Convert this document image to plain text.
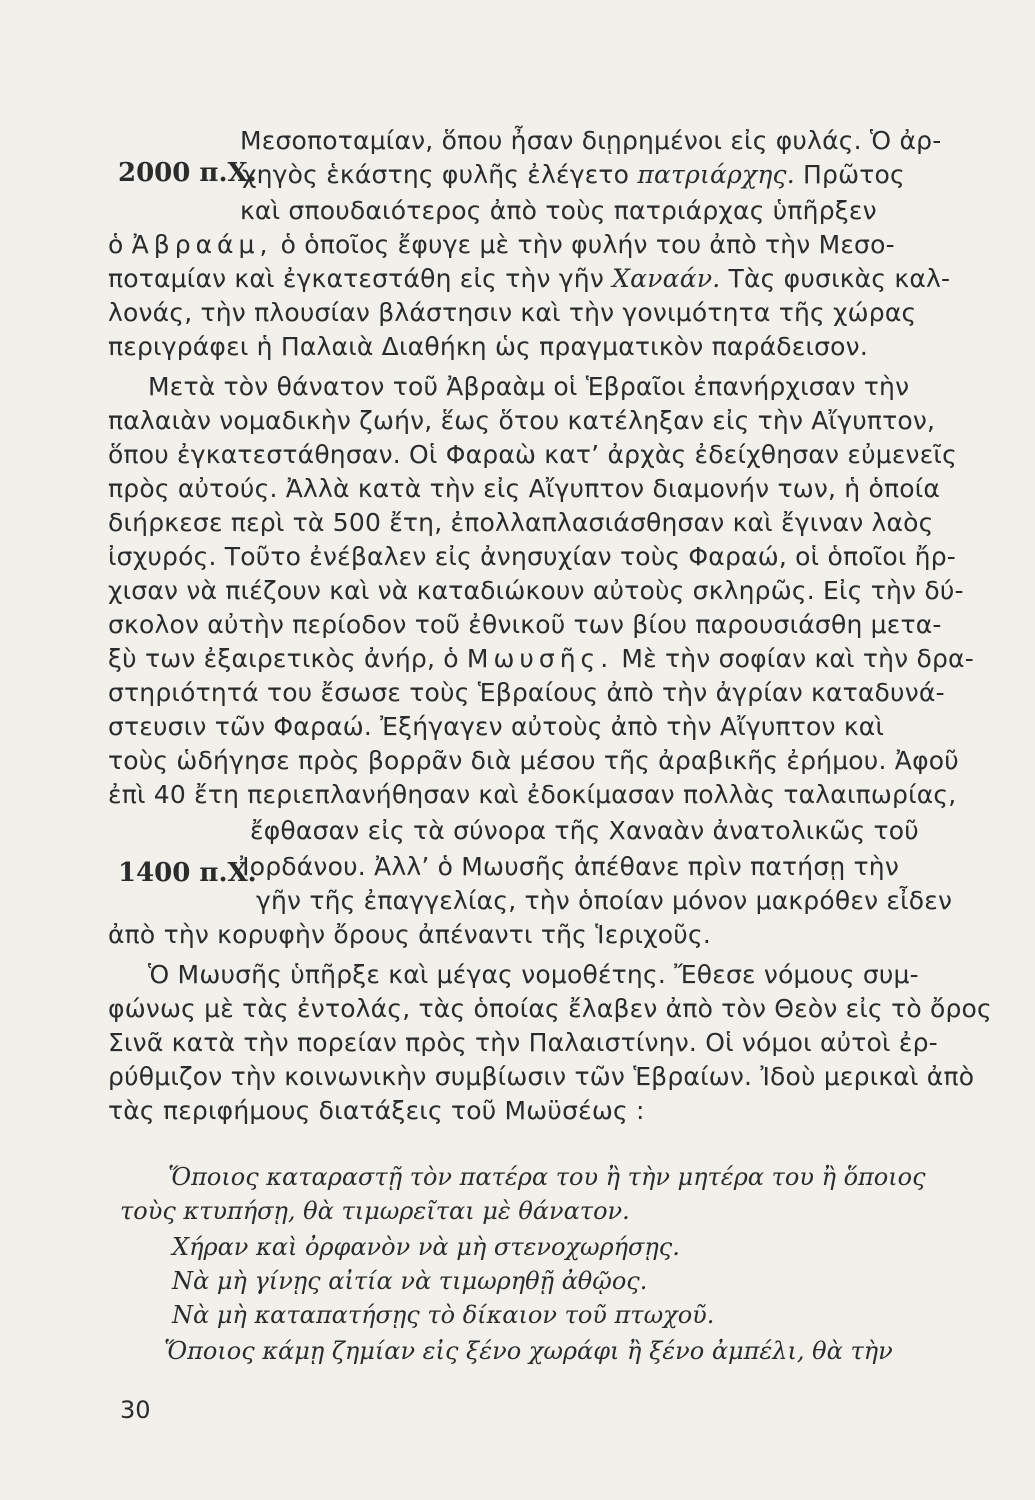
2000 π.Χ.
1400 π.Χ.
Μεσοποταμίαν, ὅπου ἦσαν διῃρημένοι εἰς φυλάς. Ὁ ἀρ-
χηγὸς ἑκάστης φυλῆς ἐλέγετο πατριάρχης. Πρῶτος
καὶ σπουδαιότερος ἀπὸ τοὺς πατριάρχας ὑπῆρξεν
ὁ Ἀβραάμ, ὁ ὁποῖος ἔφυγε μὲ τὴν φυλήν του ἀπὸ τὴν Μεσο-
ποταμίαν καὶ ἐγκατεστάθη εἰς τὴν γῆν Χαναάν. Τὰς φυσικὰς καλ-
λονάς, τὴν πλουσίαν βλάστησιν καὶ τὴν γονιμότητα τῆς χώρας
περιγράφει ἡ Παλαιὰ Διαθήκη ὡς πραγματικὸν παράδεισον.
Μετὰ τὸν θάνατον τοῦ Ἀβραὰμ οἱ Ἑβραῖοι ἐπανήρχισαν τὴν
παλαιὰν νομαδικὴν ζωήν, ἕως ὅτου κατέληξαν εἰς τὴν Αἴγυπτον,
ὅπου ἐγκατεστάθησαν. Οἱ Φαραὼ κατ’ ἀρχὰς ἐδείχθησαν εὐμενεῖς
πρὸς αὐτούς. Ἀλλὰ κατὰ τὴν εἰς Αἴγυπτον διαμονήν των, ἡ ὁποία
διήρκεσε περὶ τὰ 500 ἔτη, ἐπολλαπλασιάσθησαν καὶ ἔγιναν λαὸς
ἰσχυρός. Τοῦτο ἐνέβαλεν εἰς ἀνησυχίαν τοὺς Φαραώ, οἱ ὁποῖοι ἤρ-
χισαν νὰ πιέζουν καὶ νὰ καταδιώκουν αὐτοὺς σκληρῶς. Εἰς τὴν δύ-
σκολον αὐτὴν περίοδον τοῦ ἐθνικοῦ των βίου παρουσιάσθη μετα-
ξὺ των ἐξαιρετικὸς ἀνήρ, ὁ Μωυσῆς. Μὲ τὴν σοφίαν καὶ τὴν δρα-
στηριότητά του ἔσωσε τοὺς Ἑβραίους ἀπὸ τὴν ἀγρίαν καταδυνά-
στευσιν τῶν Φαραώ. Ἐξήγαγεν αὐτοὺς ἀπὸ τὴν Αἴγυπτον καὶ
τοὺς ὡδήγησε πρὸς βορρᾶν διὰ μέσου τῆς ἀραβικῆς ἐρήμου. Ἀφοῦ
ἐπὶ 40 ἔτη περιεπλανήθησαν καὶ ἐδοκίμασαν πολλὰς ταλαιπωρίας,
ἔφθασαν εἰς τὰ σύνορα τῆς Χαναὰν ἀνατολικῶς τοῦ
Ἰορδάνου. Ἀλλ’ ὁ Μωυσῆς ἀπέθανε πρὶν πατήσῃ τὴν
γῆν τῆς ἐπαγγελίας, τὴν ὁποίαν μόνον μακρόθεν εἶδεν
ἀπὸ τὴν κορυφὴν ὄρους ἀπέναντι τῆς Ἱεριχοῦς.
Ὁ Μωυσῆς ὑπῆρξε καὶ μέγας νομοθέτης. Ἔθεσε νόμους συμ-
φώνως μὲ τὰς ἐντολάς, τὰς ὁποίας ἔλαβεν ἀπὸ τὸν Θεὸν εἰς τὸ ὄρος
Σινᾶ κατὰ τὴν πορείαν πρὸς τὴν Παλαιστίνην. Οἱ νόμοι αὐτοὶ ἐρ-
ρύθμιζον τὴν κοινωνικὴν συμβίωσιν τῶν Ἑβραίων. Ἰδοὺ μερικαὶ ἀπὸ
τὰς περιφήμους διατάξεις τοῦ Μωϋσέως :
Ὅποιος καταραστῇ τὸν πατέρα του ἢ τὴν μητέρα του ἢ ὅποιος
τοὺς κτυπήσῃ, θὰ τιμωρεῖται μὲ θάνατον.
Χήραν καὶ ὀρφανὸν νὰ μὴ στενοχωρήσῃς.
Νὰ μὴ γίνῃς αἰτία νὰ τιμωρηθῇ ἀθῷος.
Νὰ μὴ καταπατήσῃς τὸ δίκαιον τοῦ πτωχοῦ.
Ὅποιος κάμῃ ζημίαν εἰς ξένο χωράφι ἢ ξένο ἀμπέλι, θὰ τὴν
30
